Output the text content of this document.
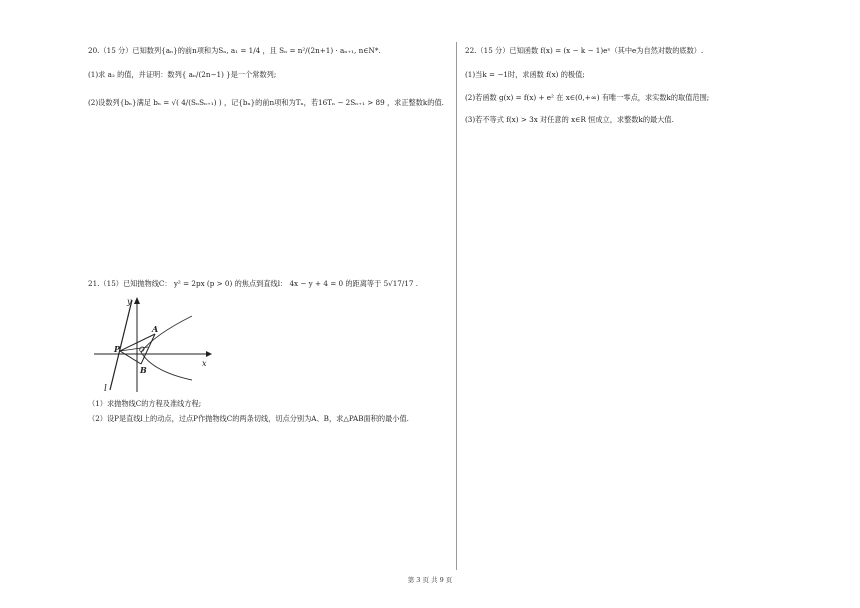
20.（15 分）已知数列{aₙ}的前n项和为Sₙ, a₁ = 1/4 ，且 Sₙ = n²/(2n+1) · aₙ₊₁, n∈N*.
(1)求 a₂ 的值，并证明：数列{ aₙ/(2n−1) }是一个常数列;
(2)设数列{bₙ}满足 bₙ = √( 4/(SₙSₙ₊₁) ) ，记{bₙ}的前n项和为Tₙ，若16Tₙ − 2Sₙ₊₁ > 89 ，求正整数k的值.
21.（15）已知抛物线C： y² = 2px (p > 0) 的焦点到直线l： 4x − y + 4 = 0 的距离等于 5√17/17 .
y
x
P
A
B
O
l
（1）求抛物线C的方程及准线方程;
（2）设P是直线l上的动点，过点P作抛物线C的两条切线，切点分别为A、B，求△PAB面积的最小值.
22.（15 分）已知函数 f(x) = (x − k − 1)eˣ（其中e为自然对数的底数）.
(1)当k = −1时，求函数 f(x) 的极值;
(2)若函数 g(x) = f(x) + e² 在 x∈(0,+∞) 有唯一零点，求实数k的取值范围;
(3)若不等式 f(x) > 3x 对任意的 x∈R 恒成立，求整数k的最大值.
第 3 页 共 9 页
